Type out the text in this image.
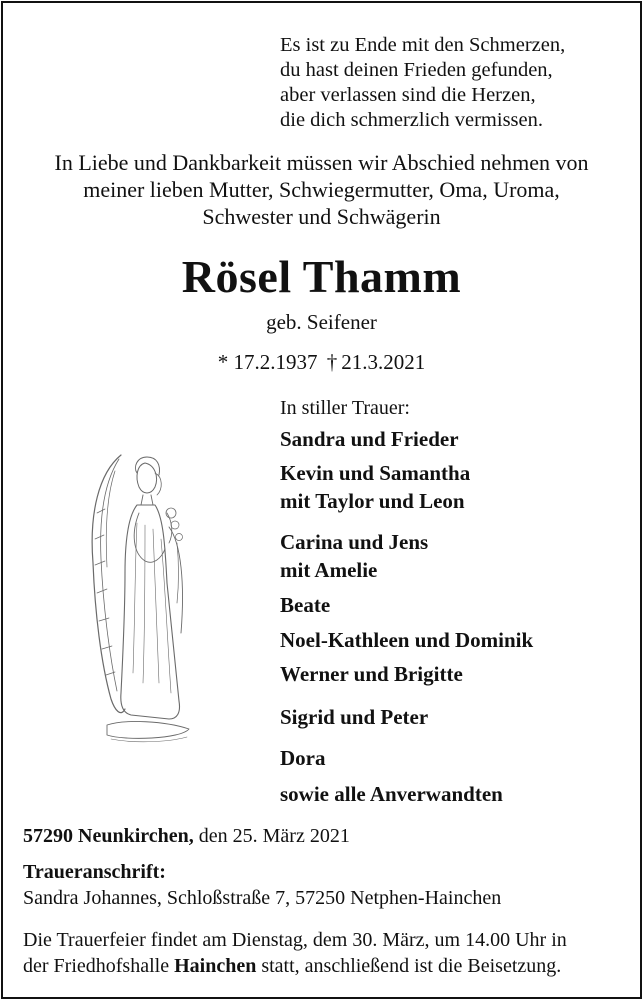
Es ist zu Ende mit den Schmerzen,
du hast deinen Frieden gefunden,
aber verlassen sind die Herzen,
die dich schmerzlich vermissen.
In Liebe und Dankbarkeit müssen wir Abschied nehmen von
meiner lieben Mutter, Schwiegermutter, Oma, Uroma,
Schwester und Schwägerin
Rösel Thamm
geb. Seifener
* 17.2.1937 † 21.3.2021
In stiller Trauer:
Sandra und Frieder
Kevin und Samantha
mit Taylor und Leon
Carina und Jens
mit Amelie
Beate
Noel-Kathleen und Dominik
Werner und Brigitte
Sigrid und Peter
Dora
sowie alle Anverwandten
57290 Neunkirchen, den 25. März 2021
Traueranschrift:
Sandra Johannes, Schloßstraße 7, 57250 Netphen-Hainchen
Die Trauerfeier findet am Dienstag, dem 30. März, um 14.00 Uhr in
der Friedhofshalle Hainchen statt, anschließend ist die Beisetzung.
